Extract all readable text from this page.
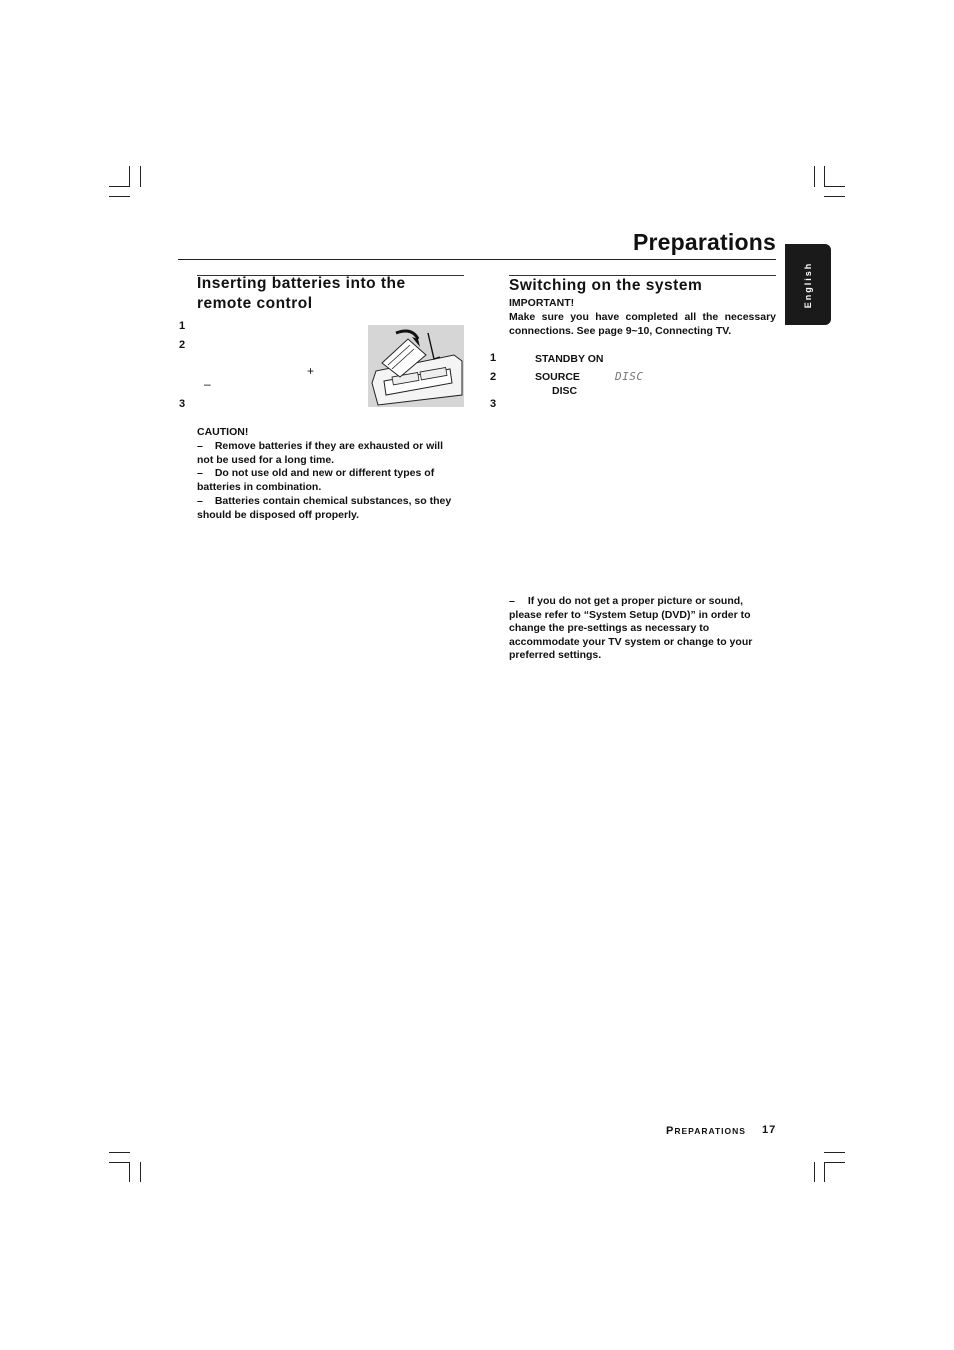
Preparations
English
Inserting batteries into the
remote control
1
2
3
+
–
CAUTION!
– Remove batteries if they are exhausted or will
not be used for a long time.
– Do not use old and new or different types of
batteries in combination.
– Batteries contain chemical substances, so they
should be disposed off properly.
Switching on the system
IMPORTANT!
Make sure you have completed all the necessary
connections. See page 9~10, Connecting TV.
1	STANDBY ON
2	SOURCE	DISC
DISC
3
– If you do not get a proper picture or sound,
please refer to “System Setup (DVD)” in order to
change the pre-settings as necessary to
accommodate your TV system or change to your
preferred settings.
PREPARATIONS 17
